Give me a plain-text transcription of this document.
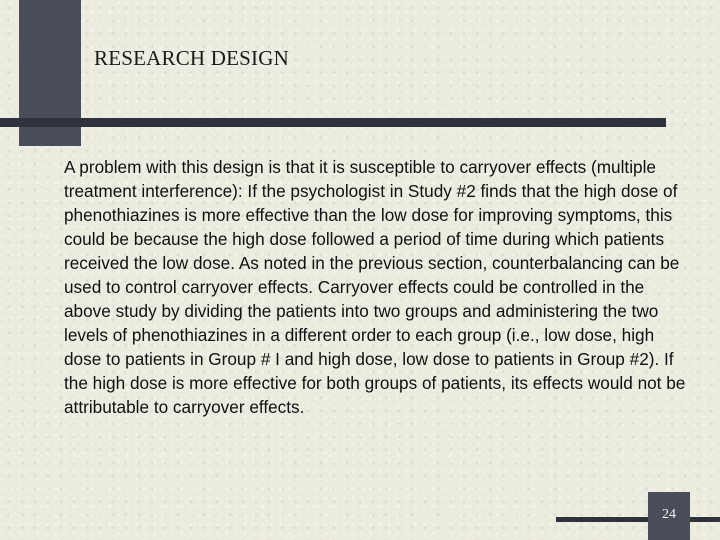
RESEARCH DESIGN
A problem with this design is that it is susceptible to carryover effects (multiple treatment interference): If the psychologist in Study #2 finds that the high dose of phenothiazines is more effective than the low dose for improving symptoms, this could be because the high dose followed a period of time during which patients received the low dose. As noted in the previous section, counterbalancing can be used to control carryover effects. Carryover effects could be controlled in the above study by dividing the patients into two groups and administering the two levels of phenothiazines in a different order to each group (i.e., low dose, high dose to patients in Group # I and high dose, low dose to patients in Group #2). If the high dose is more effective for both groups of patients, its effects would not be attributable to carryover effects.
24
